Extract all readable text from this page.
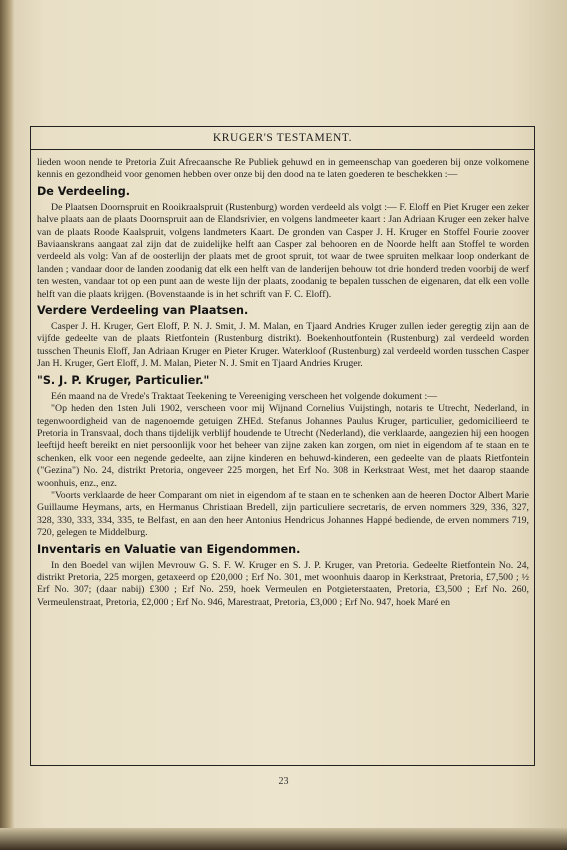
KRUGER'S TESTAMENT.

lieden woon nende te Pretoria Zuit Afrecaansche Re Publiek gehuwd en in gemeenschap van goederen bij onze volkomene kennis en gezondheid voor genomen hebben over onze bij den dood na te laten goederen te beschekken :—

De Verdeeling.

De Plaatsen Doornspruit en Rooikraalspruit (Rustenburg) worden verdeeld als volgt :— F. Eloff en Piet Kruger een zeker halve plaats aan de plaats Doornspruit aan de Elandsrivier, en volgens landmeeter kaart : Jan Adriaan Kruger een zeker halve van de plaats Roode Kaalspruit, volgens landmeters Kaart. De gronden van Casper J. H. Kruger en Stoffel Fourie zoover Baviaanskrans aangaat zal zijn dat de zuidelijke helft aan Casper zal behooren en de Noorde helft aan Stoffel te worden verdeeld als volg: Van af de oosterlijn der plaats met de groot spruit, tot waar de twee spruiten melkaar loop onderkant de landen ; vandaar door de landen zoodanig dat elk een helft van de landerijen behouw tot drie honderd treden voorbij de werf ten westen, vandaar tot op een punt aan de weste lijn der plaats, zoodanig te bepalen tusschen de eigenaren, dat elk een volle helft van die plaats krijgen. (Bovenstaande is in het schrift van F. C. Eloff).

Verdere Verdeeling van Plaatsen.

Casper J. H. Kruger, Gert Eloff, P. N. J. Smit, J. M. Malan, en Tjaard Andries Kruger zullen ieder geregtig zijn aan de vijfde gedeelte van de plaats Rietfontein (Rustenburg distrikt). Boekenhoutfontein (Rustenburg) zal verdeeld worden tusschen Theunis Eloff, Jan Adriaan Kruger en Pieter Kruger. Waterkloof (Rustenburg) zal verdeeld worden tusschen Casper Jan H. Kruger, Gert Eloff, J. M. Malan, Pieter N. J. Smit en Tjaard Andries Kruger.

"S. J. P. Kruger, Particulier."

Eén maand na de Vrede's Traktaat Teekening te Vereeniging verscheen het volgende dokument :—

"Op heden den 1sten Juli 1902, verscheen voor mij Wijnand Cornelius Vuijstingh, notaris te Utrecht, Nederland, in tegenwoordigheid van de nagenoemde getuigen ZHEd. Stefanus Johannes Paulus Kruger, particulier, gedomicilieerd te Pretoria in Transvaal, doch thans tijdelijk verblijf houdende te Utrecht (Nederland), die verklaarde, aangezien hij een hoogen leeftijd heeft bereikt en niet persoonlijk voor het beheer van zijne zaken kan zorgen, om niet in eigendom af te staan en te schenken, elk voor een negende gedeelte, aan zijne kinderen en behuwd-kinderen, een gedeelte van de plaats Rietfontein ("Gezina") No. 24, distrikt Pretoria, ongeveer 225 morgen, het Erf No. 308 in Kerkstraat West, met het daarop staande woonhuis, enz., enz.

"Voorts verklaarde de heer Comparant om niet in eigendom af te staan en te schenken aan de heeren Doctor Albert Marie Guillaume Heymans, arts, en Hermanus Christiaan Bredell, zijn particuliere secretaris, de erven nommers 329, 336, 327, 328, 330, 333, 334, 335, te Belfast, en aan den heer Antonius Hendricus Johannes Happé bediende, de erven nommers 719, 720, gelegen te Middelburg.

Inventaris en Valuatie van Eigendommen.

In den Boedel van wijlen Mevrouw G. S. F. W. Kruger en S. J. P. Kruger, van Pretoria. Gedeelte Rietfontein No. 24, distrikt Pretoria, 225 morgen, getaxeerd op £20,000 ; Erf No. 301, met woonhuis daarop in Kerkstraat, Pretoria, £7,500 ; ½ Erf No. 307; (daar nabij) £300 ; Erf No. 259, hoek Vermeulen en Potgieterstaaten, Pretoria, £3,500 ; Erf No. 260, Vermeulenstraat, Pretoria, £2,000 ; Erf No. 946, Marestraat, Pretoria, £3,000 ; Erf No. 947, hoek Maré en

23
